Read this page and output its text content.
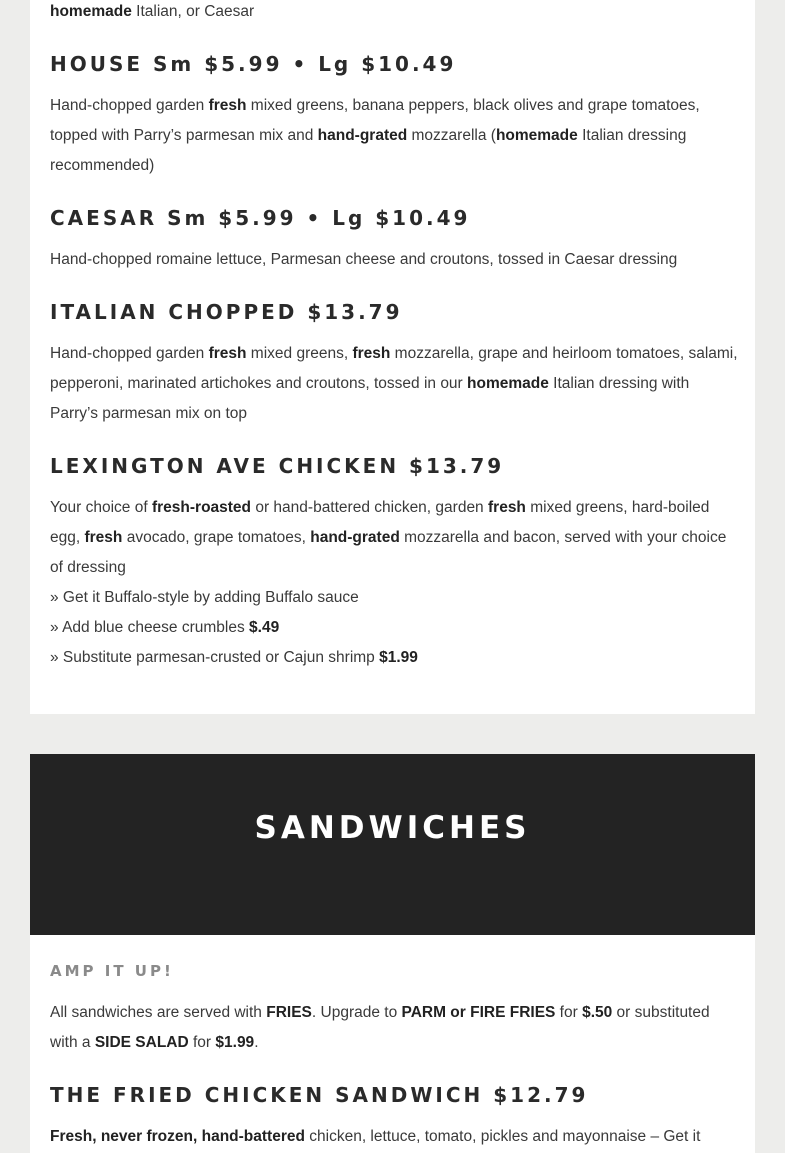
SANDWICHES

homemade Italian, or Caesar

HOUSE Sm $5.99 • Lg $10.49

Hand-chopped garden fresh mixed greens, banana peppers, black olives and grape tomatoes, topped with Parry’s parmesan mix and hand-grated mozzarella (homemade Italian dressing recommended)

CAESAR Sm $5.99 • Lg $10.49

Hand-chopped romaine lettuce, Parmesan cheese and croutons, tossed in Caesar dressing

ITALIAN CHOPPED $13.79

Hand-chopped garden fresh mixed greens, fresh mozzarella, grape and heirloom tomatoes, salami, pepperoni, marinated artichokes and croutons, tossed in our homemade Italian dressing with Parry’s parmesan mix on top

LEXINGTON AVE CHICKEN $13.79
Your choice of fresh-roasted or hand-battered chicken, garden fresh mixed greens, hard-boiled egg, fresh avocado, grape tomatoes, hand-grated mozzarella and bacon, served with your choice of dressing
» Get it Buffalo-style by adding Buffalo sauce
» Add blue cheese crumbles $.49
» Substitute parmesan-crusted or Cajun shrimp $1.99
AMP IT UP!

All sandwiches are served with FRIES. Upgrade to PARM or FIRE FRIES for $.50 or substituted with a SIDE SALAD for $1.99.

THE FRIED CHICKEN SANDWICH $12.79

Fresh, never frozen, hand-battered chicken, lettuce, tomato, pickles and mayonnaise – Get it
